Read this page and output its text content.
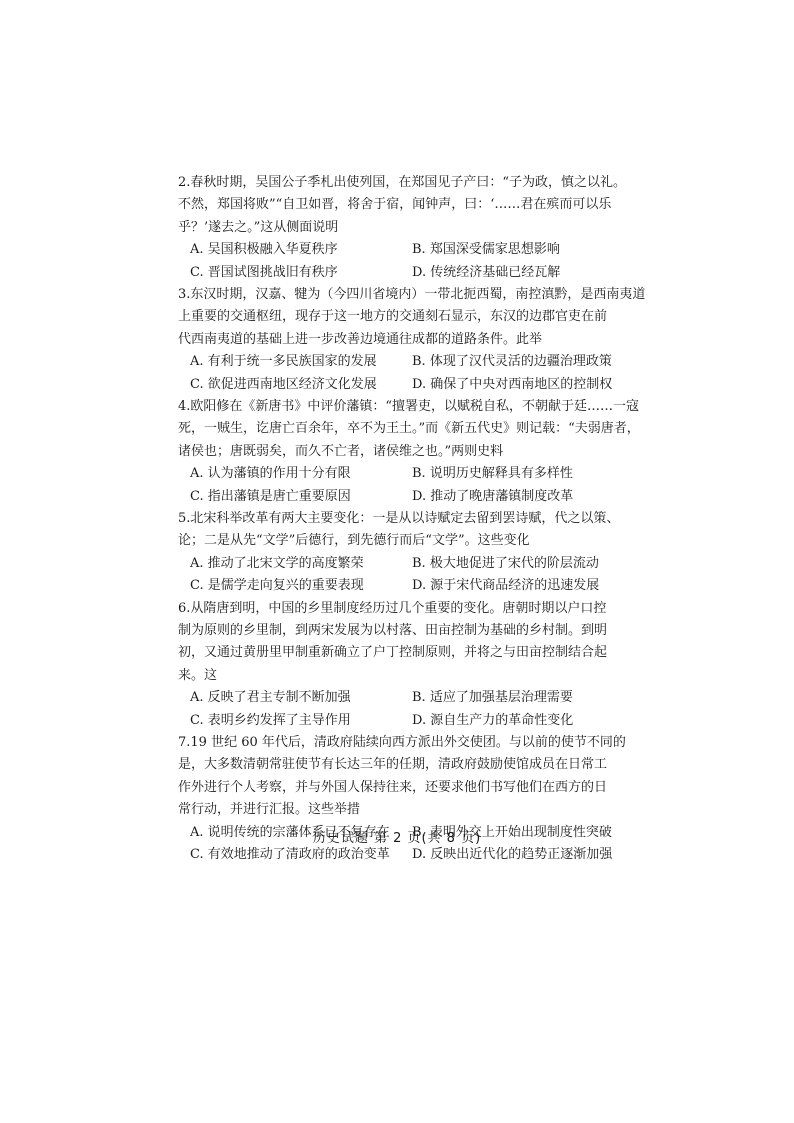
2.春秋时期，吴国公子季札出使列国，在郑国见子产曰：“子为政，慎之以礼。
不然，郑国将败”“自卫如晋，将舍于宿，闻钟声，曰：‘……君在殡而可以乐
乎？’遂去之。”这从侧面说明
A. 吴国积极融入华夏秩序	B. 郑国深受儒家思想影响
C. 晋国试图挑战旧有秩序	D. 传统经济基础已经瓦解
3.东汉时期，汉嘉、犍为（今四川省境内）一带北扼西蜀，南控滇黔，是西南夷道
上重要的交通枢纽，现存于这一地方的交通刻石显示，东汉的边郡官吏在前
代西南夷道的基础上进一步改善边境通往成都的道路条件。此举
A. 有利于统一多民族国家的发展	B. 体现了汉代灵活的边疆治理政策
C. 欲促进西南地区经济文化发展	D. 确保了中央对西南地区的控制权
4.欧阳修在《新唐书》中评价藩镇：“擅署吏，以赋税自私，不朝献于廷……一寇
死，一贼生，讫唐亡百余年，卒不为王土。”而《新五代史》则记载：“夫弱唐者，
诸侯也；唐既弱矣，而久不亡者，诸侯维之也。”两则史料
A. 认为藩镇的作用十分有限	B. 说明历史解释具有多样性
C. 指出藩镇是唐亡重要原因	D. 推动了晚唐藩镇制度改革
5.北宋科举改革有两大主要变化：一是从以诗赋定去留到罢诗赋，代之以策、
论；二是从先“文学”后德行，到先德行而后“文学”。这些变化
A. 推动了北宋文学的高度繁荣	B. 极大地促进了宋代的阶层流动
C. 是儒学走向复兴的重要表现	D. 源于宋代商品经济的迅速发展
6.从隋唐到明，中国的乡里制度经历过几个重要的变化。唐朝时期以户口控
制为原则的乡里制，到两宋发展为以村落、田亩控制为基础的乡村制。到明
初，又通过黄册里甲制重新确立了户丁控制原则，并将之与田亩控制结合起
来。这
A. 反映了君主专制不断加强	B. 适应了加强基层治理需要
C. 表明乡约发挥了主导作用	D. 源自生产力的革命性变化
7.19 世纪 60 年代后，清政府陆续向西方派出外交使团。与以前的使节不同的
是，大多数清朝常驻使节有长达三年的任期，清政府鼓励使馆成员在日常工
作外进行个人考察，并与外国人保持往来，还要求他们书写他们在西方的日
常行动，并进行汇报。这些举措
A. 说明传统的宗藩体系已不复存在 B. 表明外交上开始出现制度性突破
C. 有效地推动了清政府的政治变革 D. 反映出近代化的趋势正逐渐加强
历史试题 第 2 页(共 8 页)
